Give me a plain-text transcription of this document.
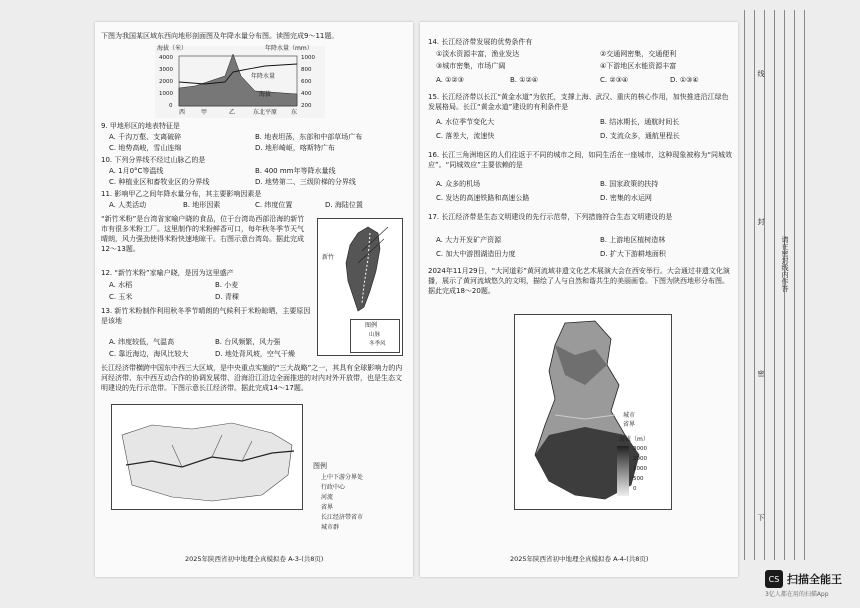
下图为我国某区域东西向地形剖面图及年降水量分布图。读图完成9～11题。
海拔（米）	年降水量（mm）
4000
3000
2000
1000
0
1000
800
600
400
200
年降水量
海拔
西	甲	乙	东北平原 东
9. 甲地形区的地表特征是
A. 千沟万壑、支离破碎	B. 地表坦荡，东部和中部草场广布
C. 地势高峻，雪山连绵	D. 地形崎岖，喀斯特广布
10. 下列分界线不经过山脉乙的是
A. 1月0°C等温线	B. 400 mm年等降水量线
C. 种植业区和畜牧业区的分界线	D. 地势第二、三级阶梯的分界线
11. 影响甲乙之间年降水量分布，其主要影响因素是
A. 人类活动	B. 地形因素	C. 纬度位置	D. 海陆位置
“新竹米粉”是台湾省家喻户晓的食品，位于台湾岛西部沿海的新竹市有很多米粉工厂。这里制作的米粉鲜香可口，每年秋冬季节天气晴朗，风力强劲使得米粉快速地晾干。右图示意台湾岛。据此完成12～13题。
新竹
图例
山脉
冬季风
12. “新竹米粉”家喻户晓，是因为这里盛产
A. 水稻	B. 小麦
C. 玉米	D. 青稞
13. 新竹米粉制作利用秋冬季节晴朗的气候利于米粉晾晒，主要原因是该地
A. 纬度较低，气温高	B. 台风频繁，风力强
C. 靠近海边，海风比较大	D. 地处背风坡，空气干燥
长江经济带横跨中国东中西三大区域，是中央重点实施的“三大战略”之一，其具有全球影响力的内河经济带、东中西互动合作的协调发展带、沿海沿江沿边全面推进的对内对外开放带，也是生态文明建设的先行示范带。下图示意长江经济带。据此完成14～17题。
图例
上中下游分界处
行政中心
河流
省界
长江经济带省市
城市群
2025年陕西省初中地理全真模拟卷 A-3-(共8页)
14. 长江经济带发展的优势条件有
①淡水资源丰富，渔业发达	②交通网密集，交通便利
③城市密集，市场广阔	④下游地区水能资源丰富
A. ①②③	B. ①②④	C. ②③④	D. ①③④
15. 长江经济带以长江“黄金水道”为依托，支撑上海、武汉、重庆的核心作用，加快推进沿江绿色发展格局。长江“黄金水道”建设的有利条件是
A. 水位季节变化大	B. 结冰期长，通航时间长
C. 落差大，流速快	D. 支流众多，通航里程长
16. 长江三角洲地区的人们往返于不同的城市之间，如同生活在一座城市，这种现象被称为“同城效应”。“同城效应”主要依赖的是
A. 众多的机场	B. 国家政策的扶持
C. 发达的高速铁路和高速公路	D. 密集的水运网
17. 长江经济带是生态文明建设的先行示范带，下列措施符合生态文明建设的是
A. 大力开发矿产资源	B. 上游地区植树造林
C. 加大中游围湖造田力度	D. 扩大下游耕地面积
2024年11月29日，“大河道彩”黄河流域非遗文化艺术展演大会在西安举行。大会通过非遗文化演播，展示了黄河流域悠久的文明，描绘了人与自然和谐共生的美丽画卷。下图为陕西地形分布图。据此完成18～20题。
城市
省界
海拔（m）
3000
2000
1000
500
0
2025年陕西省初中地理全真模拟卷 A-4-(共8页)
线
封
请在密封线内作答
密
下
CS 扫描全能王
3亿人都在用的扫描App
